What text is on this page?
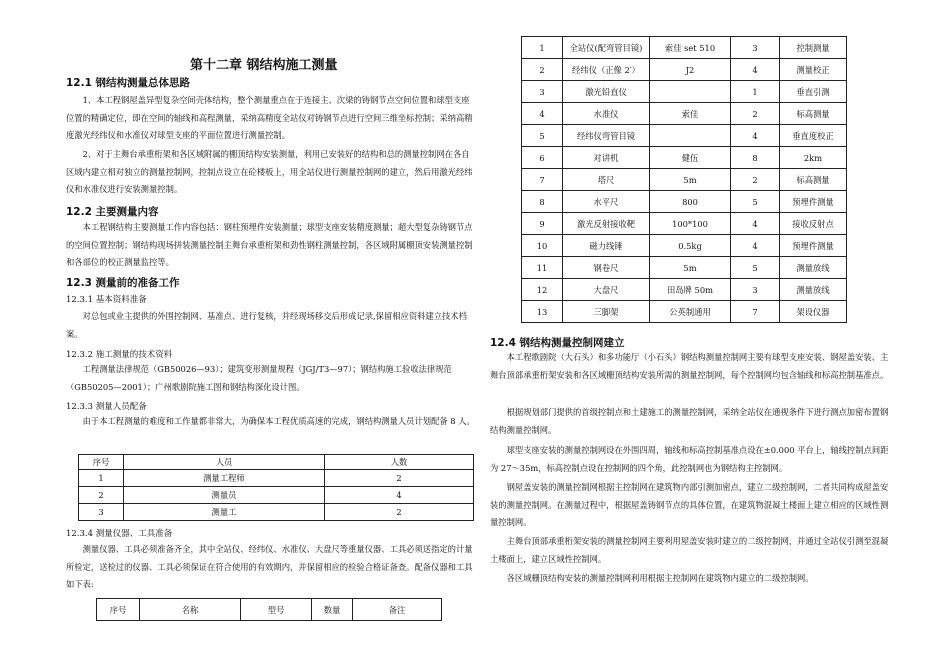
第十二章 钢结构施工测量
12.1 钢结构测量总体思路
1、本工程钢屋盖异型复杂空间壳体结构，整个测量重点在于连接主、次梁的铸钢节点空间位置和球型支座位置的精确定位，即在空间的轴线和高程测量，采纳高精度全站仪对铸钢节点进行空间三维坐标控制；采纳高精度激光经纬仪和水准仪对球型支座的平面位置进行测量控制。
2、对于主舞台承重桁架和各区域附属的棚顶结构安装测量，利用已安装好的结构和总的测量控制网在各自区域内建立相对独立的测量控制网，控制点设立在砼楼板上，用全站仪进行测量控制网的建立，然后用激光经纬仪和水准仪进行安装测量控制。
12.2 主要测量内容
本工程钢结构主要测量工作内容包括：钢柱预埋件安装测量；球型支座安装精度测量；超大型复杂铸钢节点的空间位置控制；钢结构现场拼装测量控制主舞台承重桁架和劲性钢柱测量控制，各区域附属棚顶安装测量控制和各部位的校正测量监控等。
12.3 测量前的准备工作
12.3.1 基本资料准备
对总包或业主提供的外围控制网、基准点、进行复核，并经现场移交后形成记录,保留相应资料建立技术档案。
12.3.2 施工测量的技术资料
工程测量法律规范（GB50026—93）；建筑变形测量规程（JGJ/T3—97）；钢结构施工验收法律规范（GB50205—2001）；广州歌剧院施工图和钢结构深化设计图。
12.3.3 测量人员配备
由于本工程测量的难度和工作量都非常大，为确保本工程优质高速的完成，钢结构测量人员计划配备 8 人。
序号	人员	人数
1	测量工程师	2
2	测量员	4
3	测量工	2
12.3.4 测量仪器、工具准备
测量仪器、工具必须准备齐全，其中全站仪、经纬仪、水准仪、大盘尺等重量仪器、工具必须送指定的计量所检定，送检过的仪器、工具必须保证在符合使用的有效期内，并保留相应的检验合格证备查。配备仪器和工具如下表:
序号	名称	型号	数量	备注
1	全站仪(配弯管目镜)	索佳 set 510	3	控制测量
2	经纬仪（正像 2′）	J2	4	测量校正
3	激光铅直仪		1	垂直引测
4	水准仪	索佳	2	标高测量
5	经纬仪弯管目镜		4	垂直度校正
6	对讲机	健伍	8	2km
7	塔尺	5m	2	标高测量
8	水平尺	800	5	预埋件测量
9	激光反射接收靶	100*100	4	接收反射点
10	磁力线锤	0.5kg	4	预埋件测量
11	钢卷尺	5m	5	测量放线
12	大盘尺	田岛牌 50m	3	测量放线
13	三脚架	公英制通用	7	架设仪器
12.4 钢结构测量控制网建立
本工程歌剧院（大石头）和多功能厅（小石头）钢结构测量控制网主要有球型支座安装、钢屋盖安装、主舞台顶部承重桁架安装和各区域栅顶结构安装所需的测量控制网，每个控制网均包含轴线和标高控制基准点。
根据规划部门提供的首级控制点和土建施工的测量控制网，采纳全站仪在通视条件下进行测点加密布置钢结构测量控制网。
球型支座安装的测量控制网设在外围四周，轴线和标高控制基准点设在±0.000 平台上，轴线控制点间距为 27～35m，标高控制点设在控制网的四个角，此控制网也为钢结构主控制网。
钢屋盖安装的测量控制网根据主控制网在建筑物内部引测加密点，建立二级控制网，二者共同构成屋盖安装的测量控制网。在测量过程中，根据屋盖铸钢节点的具体位置，在建筑物混凝土楼面上建立相应的区域性测量控制网。
主舞台顶部承重桁架安装的测量控制网主要利用屋盖安装时建立的二级控制网，并通过全站仪引测至混凝土楼面上，建立区域性控制网。
各区域栅顶结构安装的测量控制网利用根据主控制网在建筑物内建立的二级控制网。
